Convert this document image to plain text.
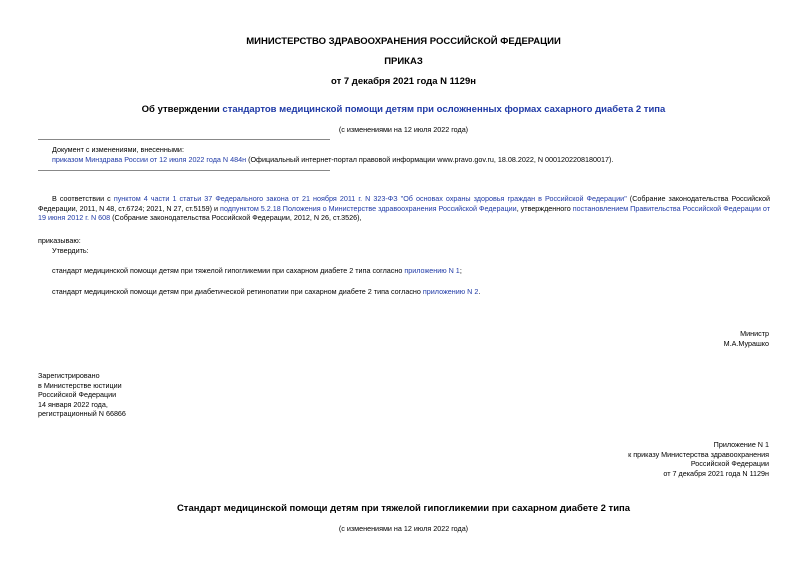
МИНИСТЕРСТВО ЗДРАВООХРАНЕНИЯ РОССИЙСКОЙ ФЕДЕРАЦИИ
ПРИКАЗ
от 7 декабря 2021 года N 1129н
Об утверждении стандартов медицинской помощи детям при осложненных формах сахарного диабета 2 типа
(с изменениями на 12 июля 2022 года)
Документ с изменениями, внесенными:
приказом Минздрава России от 12 июля 2022 года N 484н (Официальный интернет-портал правовой информации www.pravo.gov.ru, 18.08.2022, N 0001202208180017).
В соответствии с пунктом 4 части 1 статьи 37 Федерального закона от 21 ноября 2011 г. N 323-ФЗ "Об основах охраны здоровья граждан в Российской Федерации" (Собрание законодательства Российской Федерации, 2011, N 48, ст.6724; 2021, N 27, ст.5159) и подпунктом 5.2.18 Положения о Министерстве здравоохранения Российской Федерации, утвержденного постановлением Правительства Российской Федерации от 19 июня 2012 г. N 608 (Собрание законодательства Российской Федерации, 2012, N 26, ст.3526),
приказываю:
Утвердить:
стандарт медицинской помощи детям при тяжелой гипогликемии при сахарном диабете 2 типа согласно приложению N 1;
стандарт медицинской помощи детям при диабетической ретинопатии при сахарном диабете 2 типа согласно приложению N 2.
Министр
М.А.Мурашко
Зарегистрировано
в Министерстве юстиции
Российской Федерации
14 января 2022 года,
регистрационный N 66866
Приложение N 1
к приказу Министерства здравоохранения
Российской Федерации
от 7 декабря 2021 года N 1129н
Стандарт медицинской помощи детям при тяжелой гипогликемии при сахарном диабете 2 типа
(с изменениями на 12 июля 2022 года)
